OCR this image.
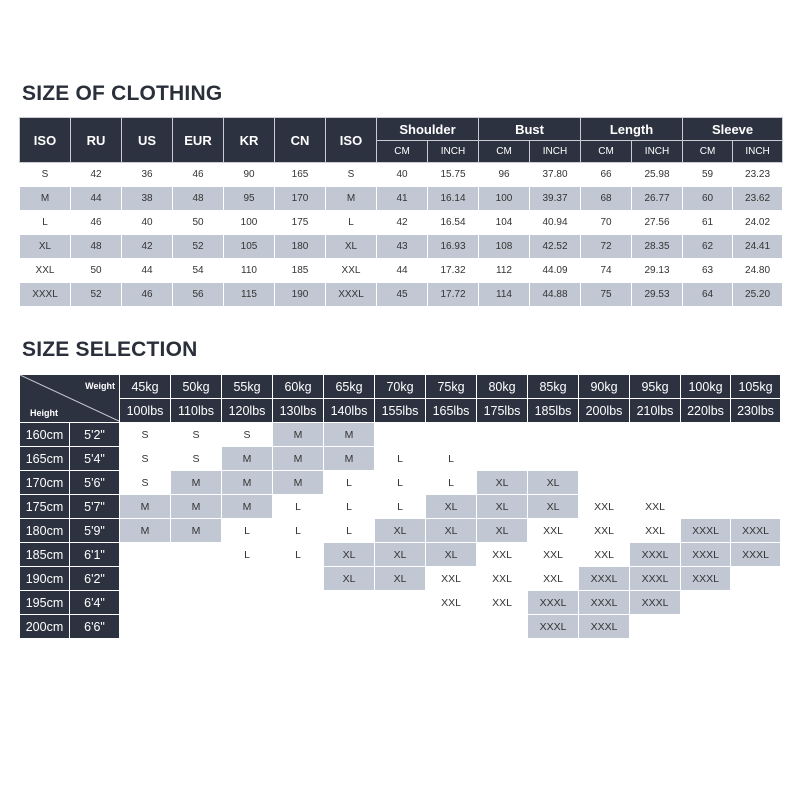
SIZE OF CLOTHING
ISO	RU	US	EUR	KR	CN	ISO	Shoulder		Bust		Length		Sleeve	
							CM	INCH	CM	INCH	CM	INCH	CM	INCH
S	42	36	46	90	165	S	40	15.75	96	37.80	66	25.98	59	23.23
M	44	38	48	95	170	M	41	16.14	100	39.37	68	26.77	60	23.62
L	46	40	50	100	175	L	42	16.54	104	40.94	70	27.56	61	24.02
XL	48	42	52	105	180	XL	43	16.93	108	42.52	72	28.35	62	24.41
XXL	50	44	54	110	185	XXL	44	17.32	112	44.09	74	29.13	63	24.80
XXXL	52	46	56	115	190	XXXL	45	17.72	114	44.88	75	29.53	64	25.20
SIZE SELECTION
Weight
Height		45kg	50kg	55kg	60kg	65kg	70kg	75kg	80kg	85kg	90kg	95kg	100kg	105kg
		100lbs	110lbs	120lbs	130lbs	140lbs	155lbs	165lbs	175lbs	185lbs	200lbs	210lbs	220lbs	230lbs
160cm	5'2"	S	S	S	M	M								
165cm	5'4"	S	S	M	M	M	L	L						
170cm	5'6"	S	M	M	M	L	L	L	XL	XL				
175cm	5'7"	M	M	M	L	L	L	XL	XL	XL	XXL	XXL		
180cm	5'9"	M	M	L	L	L	XL	XL	XL	XXL	XXL	XXL	XXXL	XXXL
185cm	6'1"			L	L	XL	XL	XL	XXL	XXL	XXL	XXXL	XXXL	XXXL
190cm	6'2"					XL	XL	XXL	XXL	XXL	XXXL	XXXL	XXXL	
195cm	6'4"							XXL	XXL	XXXL	XXXL	XXXL		
200cm	6'6"									XXXL	XXXL			
